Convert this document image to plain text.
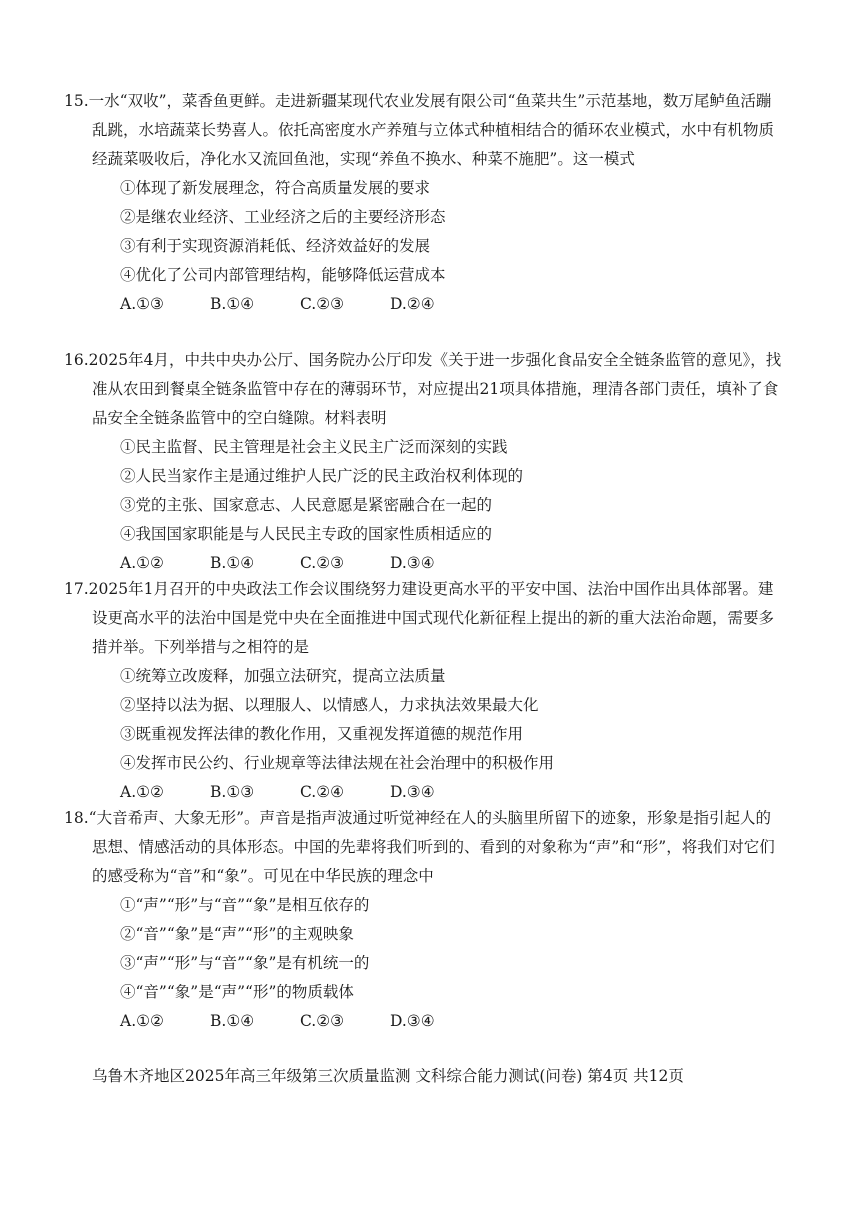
15.一水“双收”，菜香鱼更鲜。走进新疆某现代农业发展有限公司“鱼菜共生”示范基地，数万尾鲈鱼活蹦乱跳，水培蔬菜长势喜人。依托高密度水产养殖与立体式种植相结合的循环农业模式，水中有机物质经蔬菜吸收后，净化水又流回鱼池，实现“养鱼不换水、种菜不施肥”。这一模式

①体现了新发展理念，符合高质量发展的要求

②是继农业经济、工业经济之后的主要经济形态

③有利于实现资源消耗低、经济效益好的发展

④优化了公司内部管理结构，能够降低运营成本

A.①③	B.①④	C.②③	D.②④

16.2025年4月，中共中央办公厅、国务院办公厅印发《关于进一步强化食品安全全链条监管的意见》，找准从农田到餐桌全链条监管中存在的薄弱环节，对应提出21项具体措施，理清各部门责任，填补了食品安全全链条监管中的空白缝隙。材料表明

①民主监督、民主管理是社会主义民主广泛而深刻的实践

②人民当家作主是通过维护人民广泛的民主政治权利体现的

③党的主张、国家意志、人民意愿是紧密融合在一起的

④我国国家职能是与人民民主专政的国家性质相适应的

A.①②	B.①④	C.②③	D.③④

17.2025年1月召开的中央政法工作会议围绕努力建设更高水平的平安中国、法治中国作出具体部署。建设更高水平的法治中国是党中央在全面推进中国式现代化新征程上提出的新的重大法治命题，需要多措并举。下列举措与之相符的是

①统筹立改废释，加强立法研究，提高立法质量

②坚持以法为据、以理服人、以情感人，力求执法效果最大化

③既重视发挥法律的教化作用，又重视发挥道德的规范作用

④发挥市民公约、行业规章等法律法规在社会治理中的积极作用

A.①②	B.①③	C.②④	D.③④

18.“大音希声、大象无形”。声音是指声波通过听觉神经在人的头脑里所留下的迹象，形象是指引起人的思想、情感活动的具体形态。中国的先辈将我们听到的、看到的对象称为“声”和“形”，将我们对它们的感受称为“音”和“象”。可见在中华民族的理念中

①“声”“形”与“音”“象”是相互依存的

②“音”“象”是“声”“形”的主观映象

③“声”“形”与“音”“象”是有机统一的

④“音”“象”是“声”“形”的物质载体

A.①②	B.①④	C.②③	D.③④
乌鲁木齐地区2025年高三年级第三次质量监测 文科综合能力测试(问卷) 第4页 共12页
